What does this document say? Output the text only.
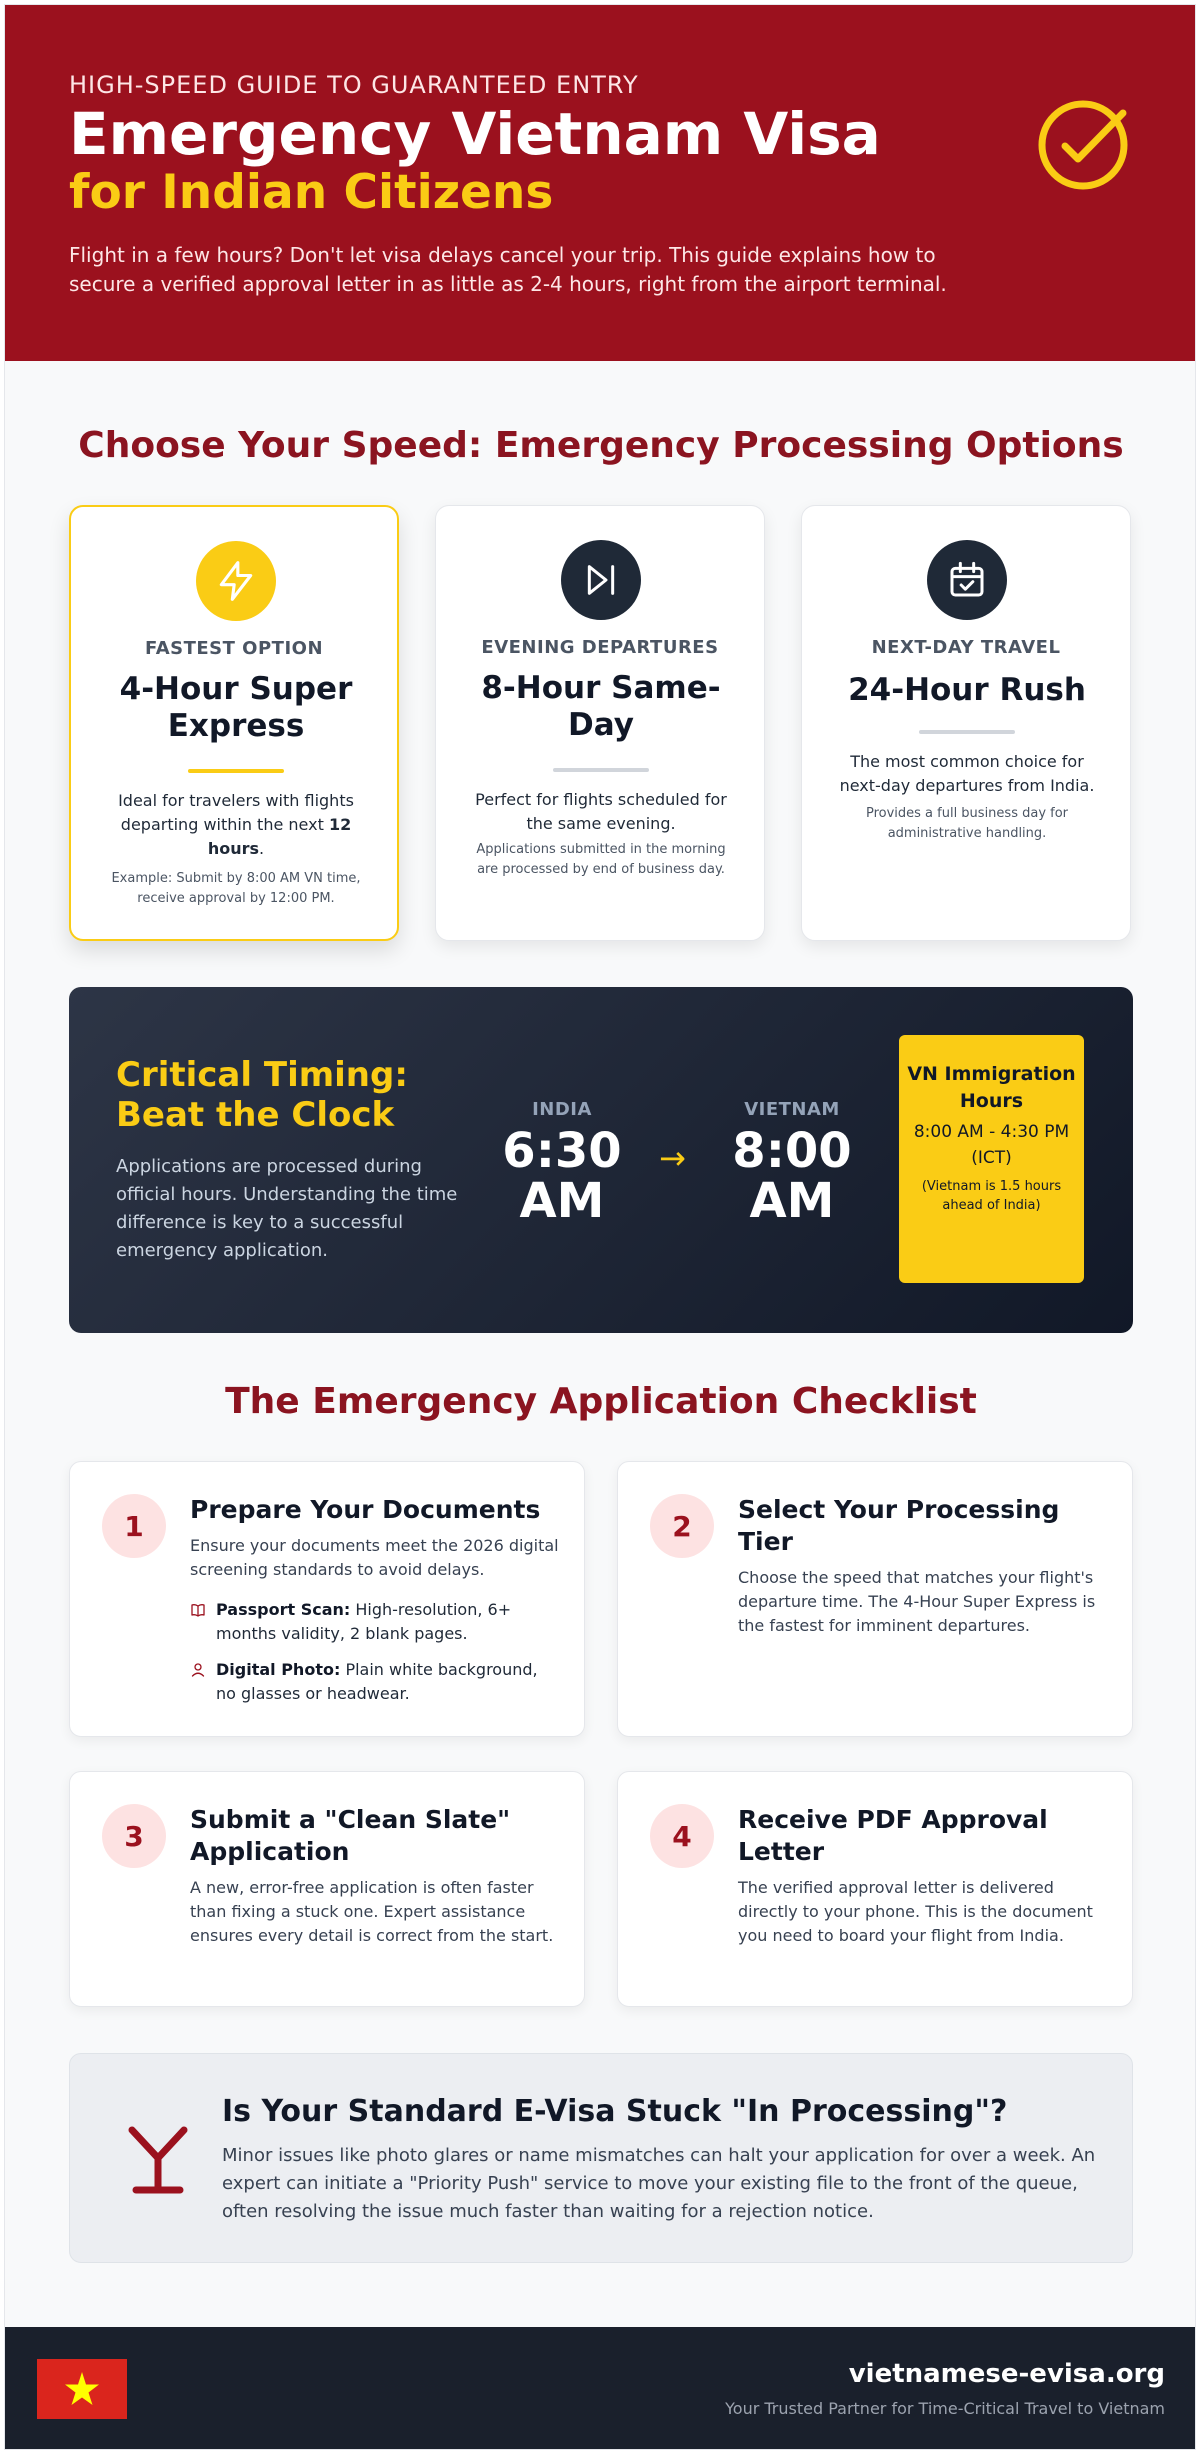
HIGH-SPEED GUIDE TO GUARANTEED ENTRY
Emergency Vietnam Visa
for Indian Citizens

Flight in a few hours? Don't let visa delays cancel your trip. This guide explains how to secure a verified approval letter in as little as 2-4 hours, right from the airport terminal.

Choose Your Speed: Emergency Processing Options
FASTEST OPTION
4-Hour Super Express
Ideal for travelers with flights departing within the next 12 hours.
Example: Submit by 8:00 AM VN time, receive approval by 12:00 PM.
EVENING DEPARTURES
8-Hour Same-Day
Perfect for flights scheduled for the same evening.
Applications submitted in the morning are processed by end of business day.
NEXT-DAY TRAVEL
24-Hour Rush
The most common choice for next-day departures from India.
Provides a full business day for administrative handling.
Critical Timing: Beat the Clock

Applications are processed during official hours. Understanding the time difference is key to a successful emergency application.

INDIA
6:30 AM
→
VIETNAM
8:00 AM
VN Immigration Hours
8:00 AM - 4:30 PM (ICT)
(Vietnam is 1.5 hours ahead of India)
The Emergency Application Checklist
1	Prepare Your Documents
Ensure your documents meet the 2026 digital screening standards to avoid delays.
Passport Scan: High-resolution, 6+ months validity, 2 blank pages.
Digital Photo: Plain white background, no glasses or headwear.
2	Select Your Processing Tier
Choose the speed that matches your flight's departure time. The 4-Hour Super Express is the fastest for imminent departures.
3	Submit a "Clean Slate" Application
A new, error-free application is often faster than fixing a stuck one. Expert assistance ensures every detail is correct from the start.
4	Receive PDF Approval Letter
The verified approval letter is delivered directly to your phone. This is the document you need to board your flight from India.
Is Your Standard E-Visa Stuck "In Processing"?

Minor issues like photo glares or name mismatches can halt your application for over a week. An expert can initiate a "Priority Push" service to move your existing file to the front of the queue, often resolving the issue much faster than waiting for a rejection notice.

vietnamese-evisa.org
Your Trusted Partner for Time-Critical Travel to Vietnam
